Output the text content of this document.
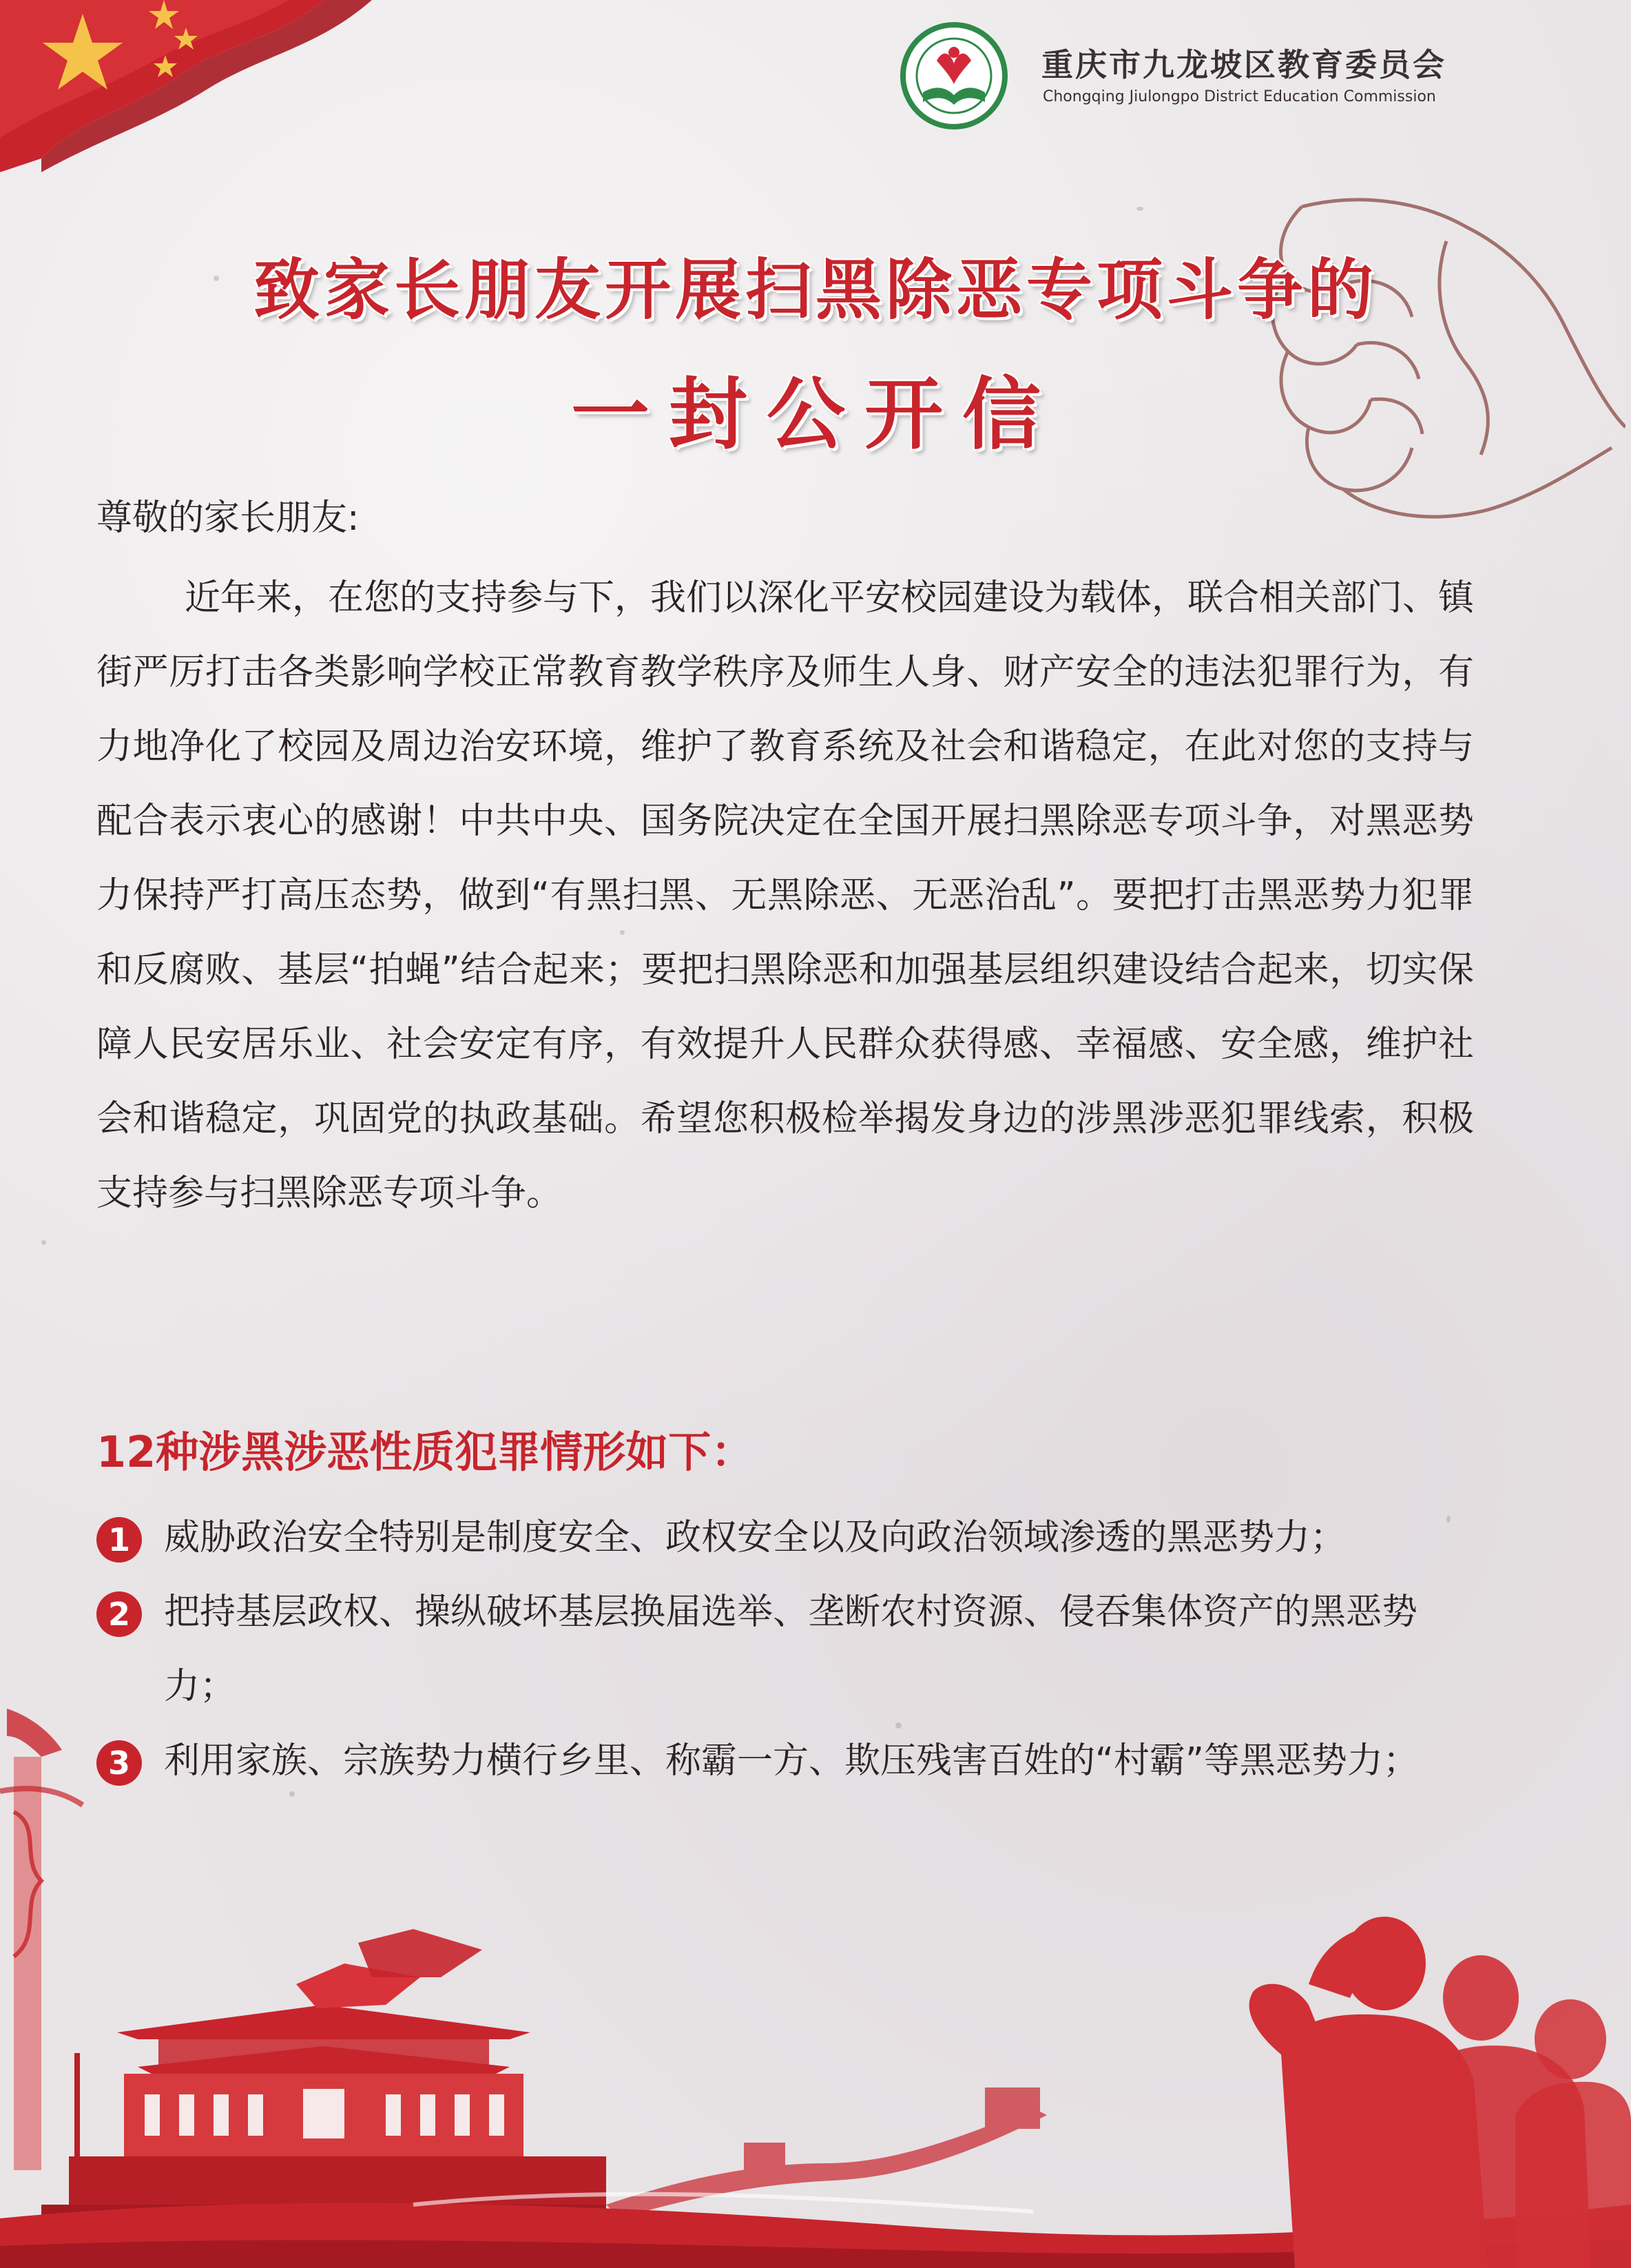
重庆市九龙坡区教育委员会
Chongqing Jiulongpo District Education Commission
致家长朋友开展扫黑除恶专项斗争的
一封公开信
尊敬的家长朋友:
近年来，在您的支持参与下，我们以深化平安校园建设为载体，联合相关部门、镇街严厉打击各类影响学校正常教育教学秩序及师生人身、财产安全的违法犯罪行为，有力地净化了校园及周边治安环境，维护了教育系统及社会和谐稳定，在此对您的支持与配合表示衷心的感谢！中共中央、国务院决定在全国开展扫黑除恶专项斗争，对黑恶势力保持严打高压态势，做到“有黑扫黑、无黑除恶、无恶治乱”。要把打击黑恶势力犯罪和反腐败、基层“拍蝇”结合起来；要把扫黑除恶和加强基层组织建设结合起来，切实保障人民安居乐业、社会安定有序，有效提升人民群众获得感、幸福感、安全感，维护社会和谐稳定，巩固党的执政基础。希望您积极检举揭发身边的涉黑涉恶犯罪线索，积极支持参与扫黑除恶专项斗争。
12种涉黑涉恶性质犯罪情形如下：
1 威胁政治安全特别是制度安全、政权安全以及向政治领域渗透的黑恶势力；
2 把持基层政权、操纵破坏基层换届选举、垄断农村资源、侵吞集体资产的黑恶势力；
3 利用家族、宗族势力横行乡里、称霸一方、欺压残害百姓的“村霸”等黑恶势力；
